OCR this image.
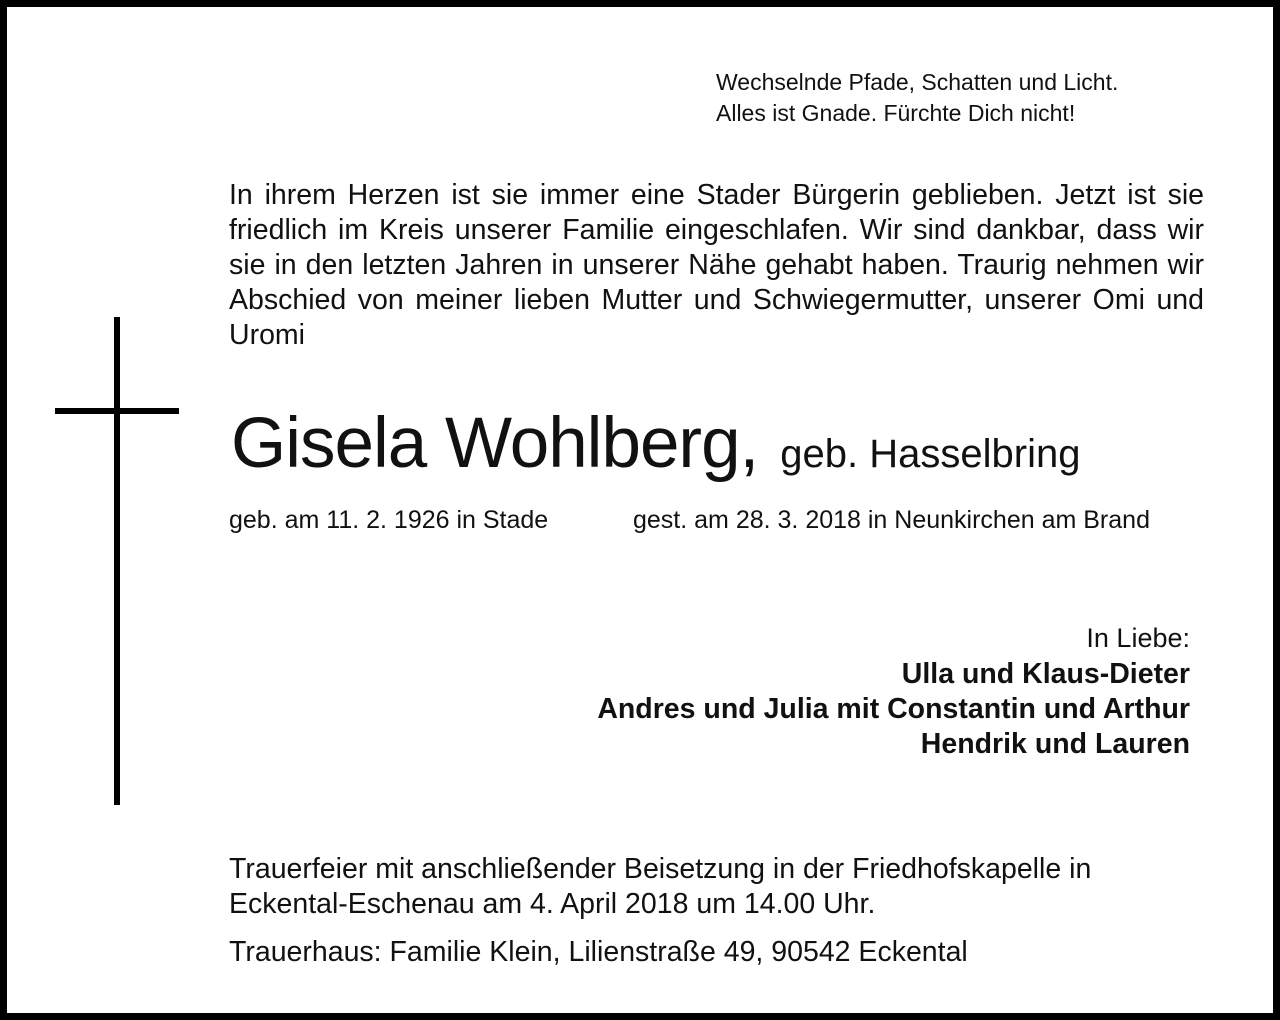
Wechselnde Pfade, Schatten und Licht.
Alles ist Gnade. Fürchte Dich nicht!
In ihrem Herzen ist sie immer eine Stader Bürgerin geblieben. Jetzt ist sie friedlich im Kreis unserer Familie eingeschlafen. Wir sind dankbar, dass wir sie in den letzten Jahren in unserer Nähe gehabt haben. Traurig nehmen wir Abschied von meiner lieben Mutter und Schwiegermutter, unserer Omi und Uromi
Gisela Wohlberg, geb. Hasselbring
geb. am 11. 2. 1926 in Stade	gest. am 28. 3. 2018 in Neunkirchen am Brand
In Liebe:
Ulla und Klaus-Dieter
Andres und Julia mit Constantin und Arthur
Hendrik und Lauren
Trauerfeier mit anschließender Beisetzung in der Friedhofskapelle in
Eckental-Eschenau am 4. April 2018 um 14.00 Uhr.
Trauerhaus: Familie Klein, Lilienstraße 49, 90542 Eckental
